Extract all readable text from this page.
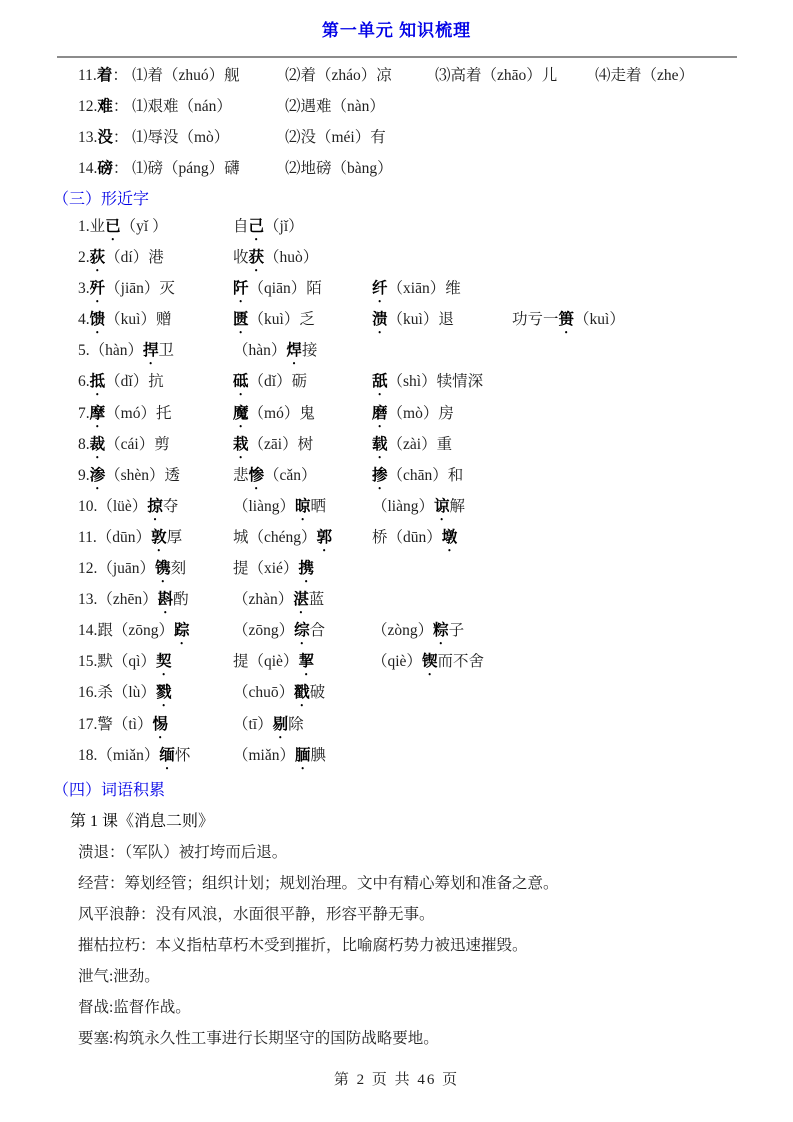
第一单元 知识梳理
11.着： ⑴着（zhuó）舰	⑵着（zháo）凉	⑶高着（zhāo）儿	⑷走着（zhe）
12.难： ⑴艰难（nán）	⑵遇难（nàn）
13.没： ⑴辱没（mò）	⑵没（méi）有
14.磅： ⑴磅（páng）礴	⑵地磅（bàng）
（三）形近字
1.业已（yǐ ）	自己（jǐ）
2.荻（dí）港	收获（huò）
3.歼（jiān）灭	阡（qiān）陌	纤（xiān）维
4.馈（kuì）赠	匮（kuì）乏	溃（kuì）退	功亏一篑（kuì）
5.（hàn）捍卫	（hàn）焊接
6.抵（dǐ）抗	砥（dǐ）砺	舐（shì）犊情深
7.摩（mó）托	魔（mó）鬼	磨（mò）房
8.裁（cái）剪	栽（zāi）树	载（zài）重
9.渗（shèn）透	悲惨（cǎn）	掺（chān）和
10.（lüè）掠夺	（liàng）晾晒	（liàng）谅解
11.（dūn）敦厚	城（chéng）郭	桥（dūn）墩
12.（juān）镌刻	提（xié）携
13.（zhēn）斟酌	（zhàn）湛蓝
14.跟（zōng）踪	（zōng）综合	（zòng）粽子
15.默（qì）契	提（qiè）挈	（qiè）锲而不舍
16.杀（lù）戮	（chuō）戳破
17.警（tì）惕	（tī）剔除
18.（miǎn）缅怀	（miǎn）腼腆
（四）词语积累
第 1 课《消息二则》
溃退：（军队）被打垮而后退。
经营：筹划经管；组织计划；规划治理。文中有精心筹划和准备之意。
风平浪静：没有风浪，水面很平静，形容平静无事。
摧枯拉朽：本义指枯草朽木受到摧折，比喻腐朽势力被迅速摧毁。
泄气:泄劲。
督战:监督作战。
要塞:构筑永久性工事进行长期坚守的国防战略要地。
第 2 页 共 46 页
